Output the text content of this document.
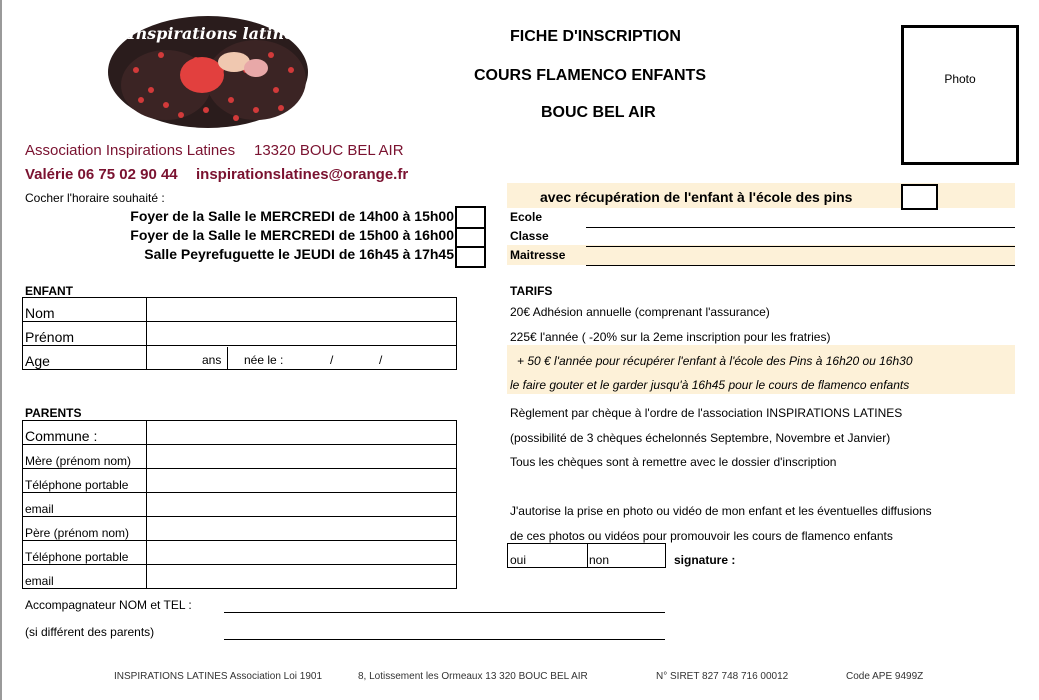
Inspirations latines	FICHE D'INSCRIPTION
COURS FLAMENCO ENFANTS
BOUC BEL AIR
Photo
Association Inspirations Latines 13320 BOUC BEL AIR
Valérie 06 75 02 90 44 inspirationslatines@orange.fr
Cocher l'horaire souhaité :
Foyer de la Salle le MERCREDI de 14h00 à 15h00
Foyer de la Salle le MERCREDI de 15h00 à 16h00
Salle Peyrefuguette le JEUDI de 16h45 à 17h45
avec récupération de l'enfant à l'école des pins
Ecole
Classe
Maitresse
ENFANT
Nom	
Prénom	
Age	ans née le : / /
PARENTS
Commune :	
Mère (prénom nom)	
Téléphone portable	
email	
Père (prénom nom)	
Téléphone portable	
email	
Accompagnateur NOM et TEL :
(si différent des parents)
TARIFS
20€ Adhésion annuelle (comprenant l'assurance)
225€ l'année ( -20% sur la 2eme inscription pour les fratries)
+ 50 € l'année pour récupérer l'enfant à l'école des Pins à 16h20 ou 16h30
le faire gouter et le garder jusqu'à 16h45 pour le cours de flamenco enfants
Règlement par chèque à l'ordre de l'association INSPIRATIONS LATINES
(possibilité de 3 chèques échelonnés Septembre, Novembre et Janvier)
Tous les chèques sont à remettre avec le dossier d'inscription
J'autorise la prise en photo ou vidéo de mon enfant et les éventuelles diffusions
de ces photos ou vidéos pour promouvoir les cours de flamenco enfants
oui	non	signature :
INSPIRATIONS LATINES Association Loi 1901	8, Lotissement les Ormeaux 13 320 BOUC BEL AIR	N° SIRET 827 748 716 00012	Code APE 9499Z
